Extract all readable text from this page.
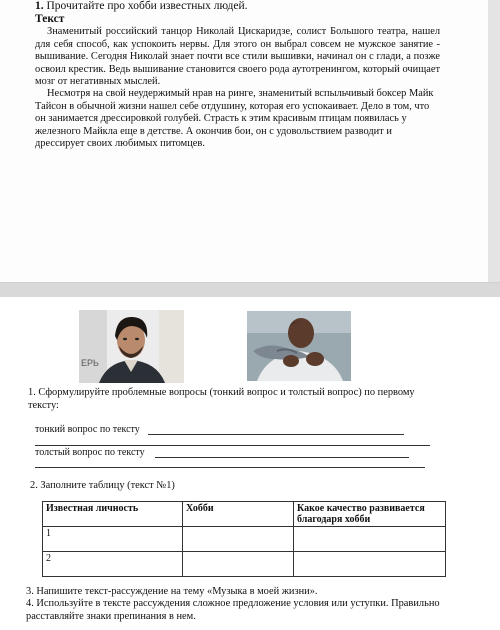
1. Прочитайте про хобби известных людей.
Текст
Знаменитый российский танцор Николай Цискаридзе, солист Большого театра, нашел для себя способ, как успокоить нервы. Для этого он выбрал совсем не мужское занятие - вышивание. Сегодня Николай знает почти все стили вышивки, начинал он с глади, а позже освоил крестик. Ведь вышивание становится своего рода аутотренингом, который очищает мозг от негативных мыслей.
Несмотря на свой неудержимый нрав на ринге, знаменитый вспыльчивый боксер Майк Тайсон в обычной жизни нашел себе отдушину, которая его успокаивает. Дело в том, что он занимается дрессировкой голубей. Страсть к этим красивым птицам появилась у железного Майкла еще в детстве. А окончив бои, он с удовольствием разводит и дрессирует своих любимых питомцев.
ЕРЬ
1. Сформулируйте проблемные вопросы (тонкий вопрос и толстый вопрос) по первому тексту:
тонкий вопрос по тексту
толстый вопрос по тексту
2. Заполните таблицу (текст №1)
Известная личность	Хобби	Какое качество развивается благодаря хобби
1		
2		
3. Напишите текст-рассуждение на тему «Музыка в моей жизни».
4. Используйте в тексте рассуждения сложное предложение условия или уступки. Правильно расставляйте знаки препинания в нем.
